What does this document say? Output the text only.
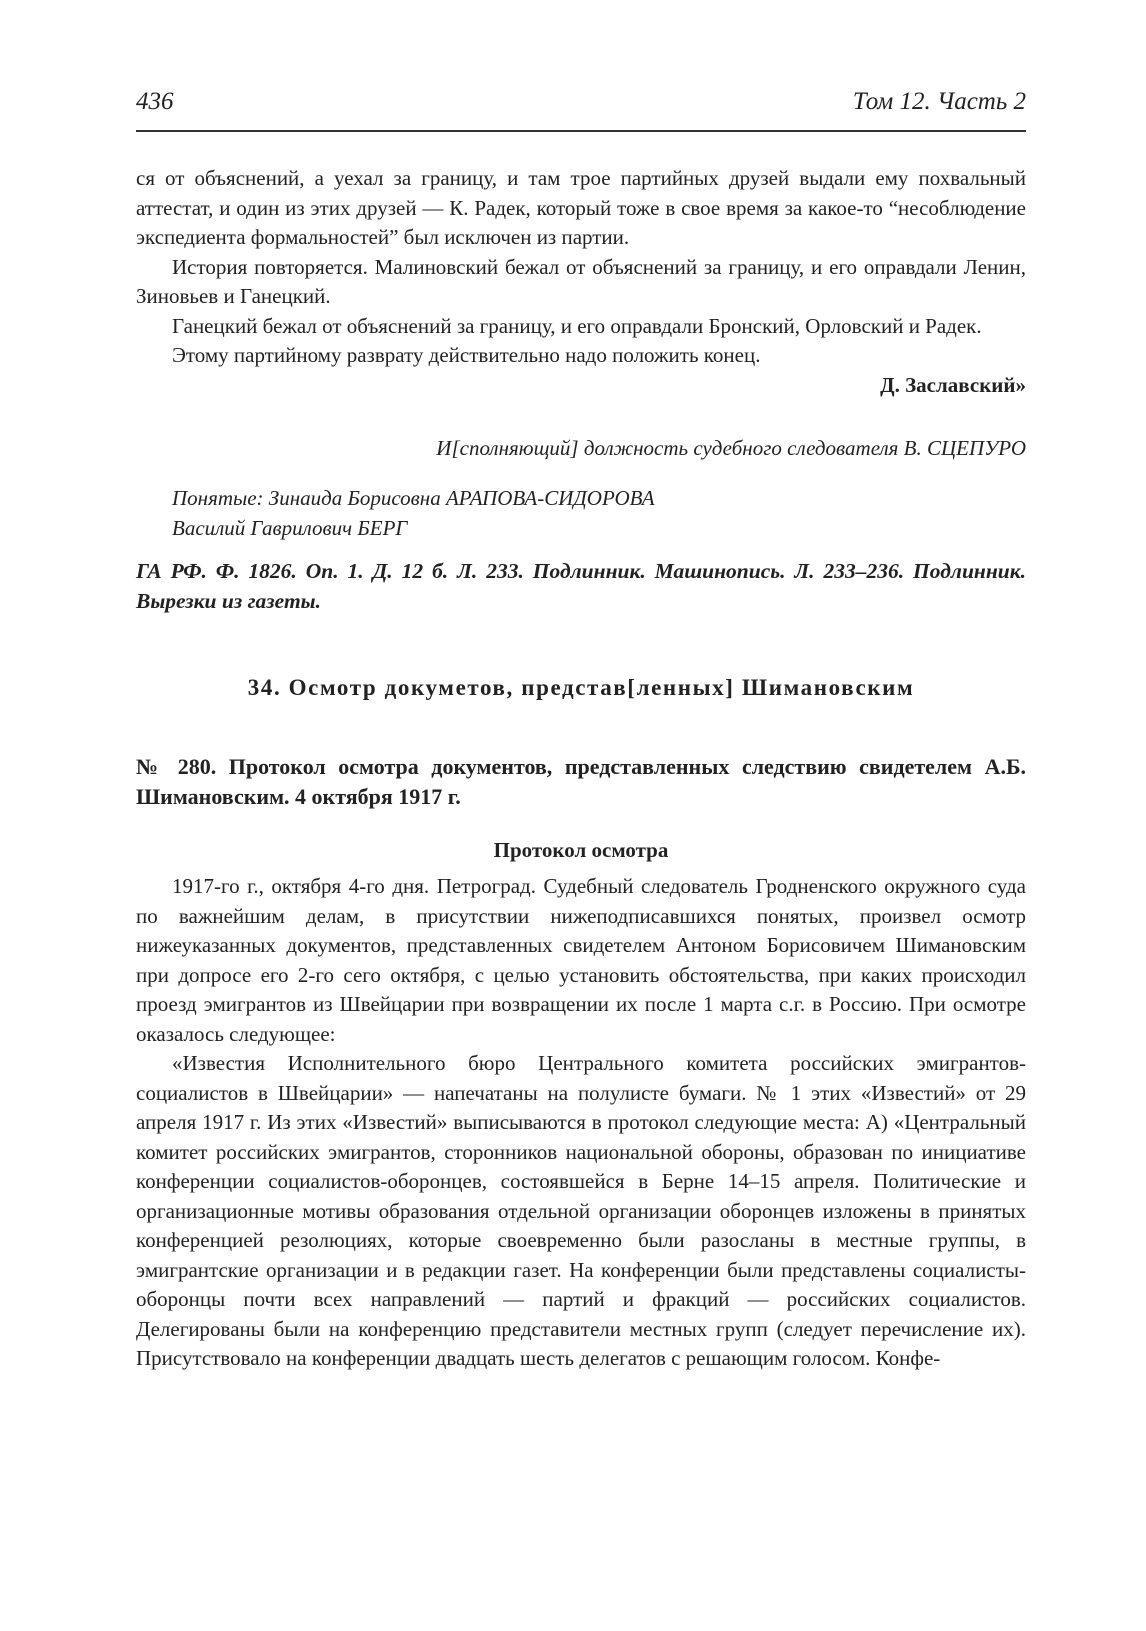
436	Том 12. Часть 2

ся от объяснений, а уехал за границу, и там трое партийных друзей выдали ему похвальный аттестат, и один из этих друзей — К. Радек, который тоже в свое время за какое-то “несоблюдение экспедиента формальностей” был исключен из партии.

История повторяется. Малиновский бежал от объяснений за границу, и его оправдали Ленин, Зиновьев и Ганецкий.

Ганецкий бежал от объяснений за границу, и его оправдали Бронский, Орловский и Радек.

Этому партийному разврату действительно надо положить конец.

Д. Заславский»

И[сполняющий] должность судебного следователя В. СЦЕПУРО
Понятые: Зинаида Борисовна АРАПОВА-СИДОРОВА
Василий Гаврилович БЕРГ
ГА РФ. Ф. 1826. Оп. 1. Д. 12 б. Л. 233. Подлинник. Машинопись. Л. 233–236. Подлинник. Вырезки из газеты.
34. Осмотр докуметов, представ[ленных] Шимановским
№ 280. Протокол осмотра документов, представленных следствию свидетелем А.Б. Шимановским. 4 октября 1917 г.
Протокол осмотра

1917-го г., октября 4-го дня. Петроград. Судебный следователь Гродненского окружного суда по важнейшим делам, в присутствии нижеподписавшихся понятых, произвел осмотр нижеуказанных документов, представленных свидетелем Антоном Борисовичем Шимановским при допросе его 2-го сего октября, с целью установить обстоятельства, при каких происходил проезд эмигрантов из Швейцарии при возвращении их после 1 марта с.г. в Россию. При осмотре оказалось следующее:

«Известия Исполнительного бюро Центрального комитета российских эмигрантов-социалистов в Швейцарии» — напечатаны на полулисте бумаги. № 1 этих «Известий» от 29 апреля 1917 г. Из этих «Известий» выписываются в протокол следующие места: А) «Центральный комитет российских эмигрантов, сторонников национальной обороны, образован по инициативе конференции социалистов-оборонцев, состоявшейся в Берне 14–15 апреля. Политические и организационные мотивы образования отдельной организации оборонцев изложены в принятых конференцией резолюциях, которые своевременно были разосланы в местные группы, в эмигрантские организации и в редакции газет. На конференции были представлены социалисты-оборонцы почти всех направлений — партий и фракций — российских социалистов. Делегированы были на конференцию представители местных групп (следует перечисление их). Присутствовало на конференции двадцать шесть делегатов с решающим голосом. Конфе-
